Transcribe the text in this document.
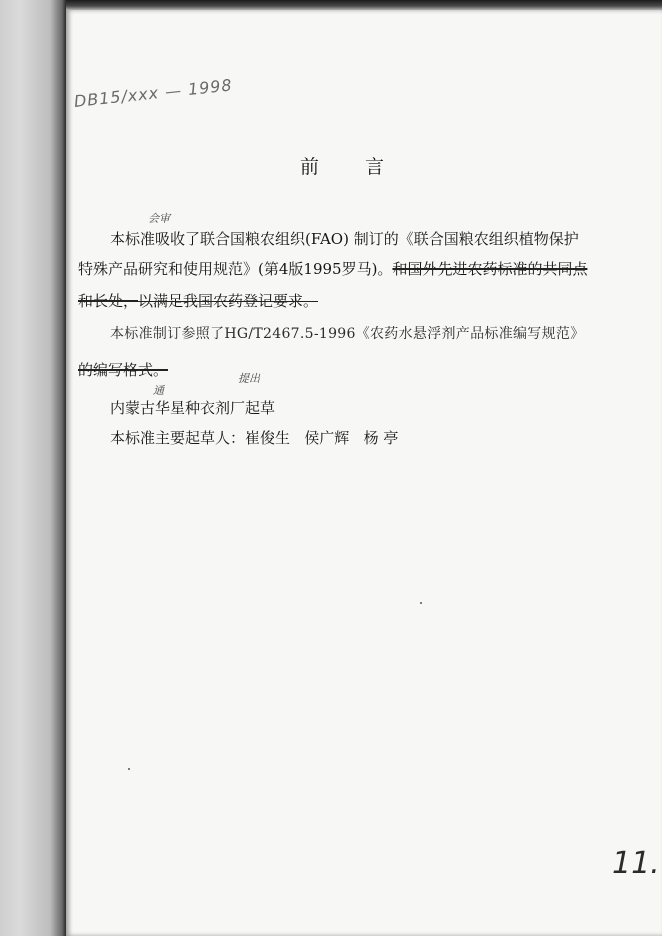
DB15/xxx — 1998
前 言
会审
本标准吸收了联合国粮农组织(FAO) 制订的《联合国粮农组织植物保护
特殊产品研究和使用规范》(第4版1995罗马)。和国外先进农药标准的共同点
和长处，以满足我国农药登记要求。
本标准制订参照了HG/T2467.5-1996《农药水悬浮剂产品标准编写规范》
的编写格式。
通
提出
内蒙古华星种衣剂厂起草
本标准主要起草人：崔俊生   侯广辉   杨 亭
11.
